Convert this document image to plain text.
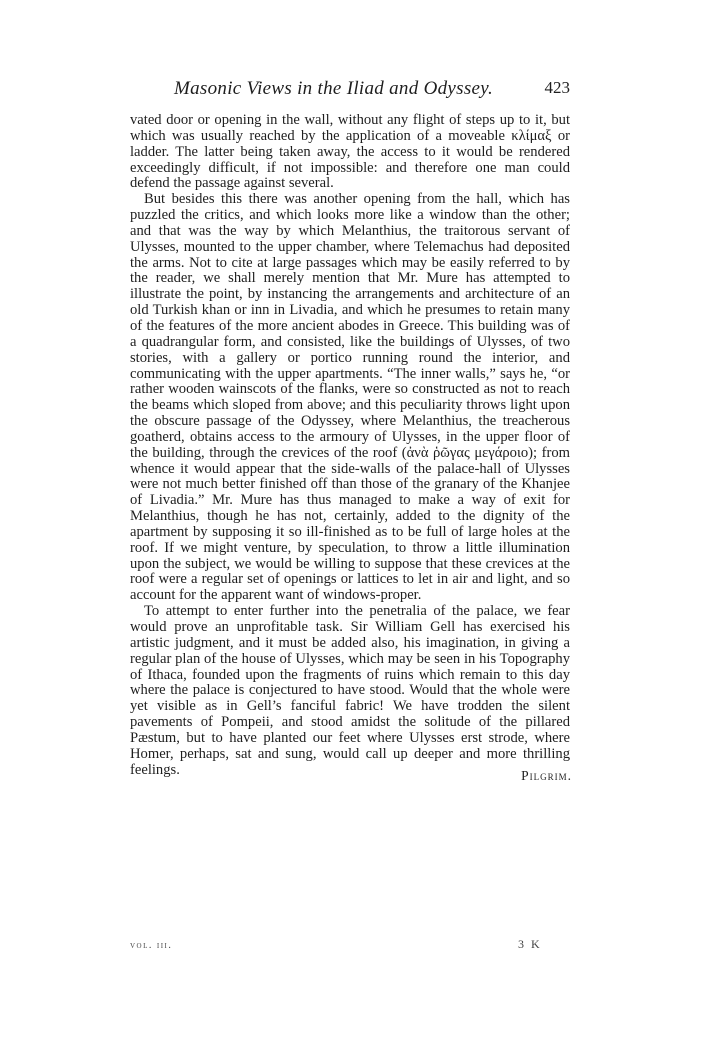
Masonic Views in the Iliad and Odyssey.	423

vated door or opening in the wall, without any flight of steps up to it, but which was usually reached by the application of a moveable κλίμαξ or ladder. The latter being taken away, the access to it would be rendered exceedingly difficult, if not impossible: and therefore one man could defend the passage against several.

But besides this there was another opening from the hall, which has puzzled the critics, and which looks more like a window than the other; and that was the way by which Melanthius, the traitorous servant of Ulysses, mounted to the upper chamber, where Telemachus had deposited the arms. Not to cite at large passages which may be easily referred to by the reader, we shall merely mention that Mr. Mure has attempted to illustrate the point, by instancing the arrangements and architecture of an old Turkish khan or inn in Livadia, and which he presumes to retain many of the features of the more ancient abodes in Greece. This building was of a quadrangular form, and consisted, like the buildings of Ulysses, of two stories, with a gallery or portico running round the interior, and communicating with the upper apartments. “The inner walls,” says he, “or rather wooden wainscots of the flanks, were so constructed as not to reach the beams which sloped from above; and this peculiarity throws light upon the obscure passage of the Odyssey, where Melanthius, the treacherous goatherd, obtains access to the armoury of Ulysses, in the upper floor of the building, through the crevices of the roof (ἀνὰ ῥῶγας μεγάροιο); from whence it would appear that the side-walls of the palace-hall of Ulysses were not much better finished off than those of the granary of the Khanjee of Livadia.” Mr. Mure has thus managed to make a way of exit for Melanthius, though he has not, certainly, added to the dignity of the apartment by supposing it so ill-finished as to be full of large holes at the roof. If we might venture, by speculation, to throw a little illumination upon the subject, we would be willing to suppose that these crevices at the roof were a regular set of openings or lattices to let in air and light, and so account for the apparent want of windows-proper.

To attempt to enter further into the penetralia of the palace, we fear would prove an unprofitable task. Sir William Gell has exercised his artistic judgment, and it must be added also, his imagination, in giving a regular plan of the house of Ulysses, which may be seen in his Topography of Ithaca, founded upon the fragments of ruins which remain to this day where the palace is conjectured to have stood. Would that the whole were yet visible as in Gell’s fanciful fabric! We have trodden the silent pavements of Pompeii, and stood amidst the solitude of the pillared Pæstum, but to have planted our feet where Ulysses erst strode, where Homer, perhaps, sat and sung, would call up deeper and more thrilling feelings.	Pilgrim.
vol. iii.	3 K
